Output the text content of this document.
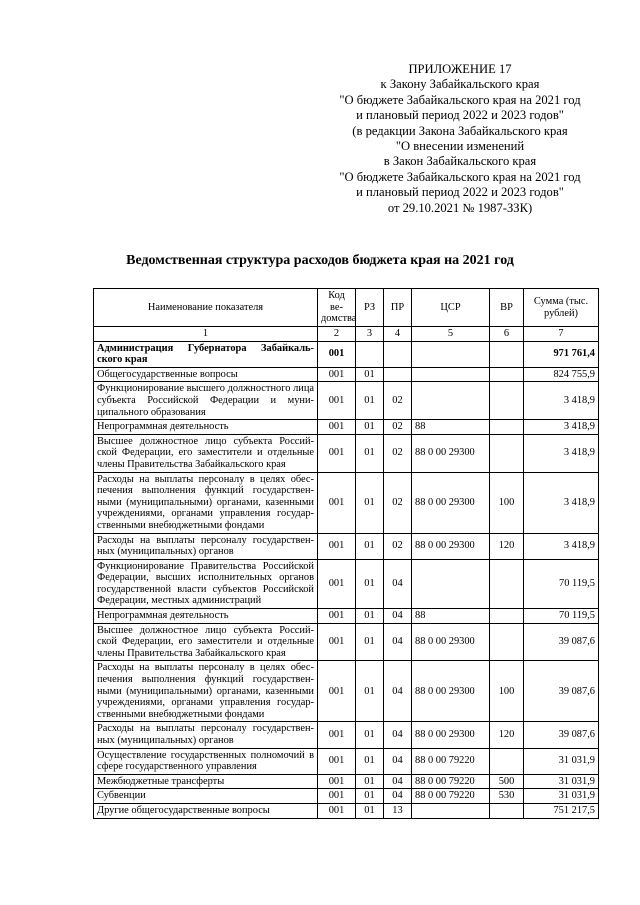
ПРИЛОЖЕНИЕ 17
к Закону Забайкальского края
"О бюджете Забайкальского края на 2021 год
и плановый период 2022 и 2023 годов"
(в редакции Закона Забайкальского края
"О внесении изменений
в Закон Забайкальского края
"О бюджете Забайкальского края на 2021 год
и плановый период 2022 и 2023 годов"
от 29.10.2021 № 1987-ЗЗК)
Ведомственная структура расходов бюджета края на 2021 год
Наименование показателя	Код ве-домства	РЗ	ПР	ЦСР	ВР	Сумма (тыс. рублей)
1	2	3	4	5	6	7
Администрация Губернатора Забайкаль-ского края	001					971 761,4
Общегосударственные вопросы	001	01				824 755,9
Функционирование высшего должностного лица субъекта Российской Федерации и муни-ципального образования	001	01	02			3 418,9
Непрограммная деятельность	001	01	02	88		3 418,9
Высшее должностное лицо субъекта Россий-ской Федерации, его заместители и отдельные члены Правительства Забайкальского края	001	01	02	88 0 00 29300		3 418,9
Расходы на выплаты персоналу в целях обес-печения выполнения функций государствен-ными (муниципальными) органами, казенными учреждениями, органами управления государ-ственными внебюджетными фондами	001	01	02	88 0 00 29300	100	3 418,9
Расходы на выплаты персоналу государствен-ных (муниципальных) органов	001	01	02	88 0 00 29300	120	3 418,9
Функционирование Правительства Российской Федерации, высших исполнительных органов государственной власти субъектов Российской Федерации, местных администраций	001	01	04			70 119,5
Непрограммная деятельность	001	01	04	88		70 119,5
Высшее должностное лицо субъекта Россий-ской Федерации, его заместители и отдельные члены Правительства Забайкальского края	001	01	04	88 0 00 29300		39 087,6
Расходы на выплаты персоналу в целях обес-печения выполнения функций государствен-ными (муниципальными) органами, казенными учреждениями, органами управления государ-ственными внебюджетными фондами	001	01	04	88 0 00 29300	100	39 087,6
Расходы на выплаты персоналу государствен-ных (муниципальных) органов	001	01	04	88 0 00 29300	120	39 087,6
Осуществление государственных полномочий в сфере государственного управления	001	01	04	88 0 00 79220		31 031,9
Межбюджетные трансферты	001	01	04	88 0 00 79220	500	31 031,9
Субвенции	001	01	04	88 0 00 79220	530	31 031,9
Другие общегосударственные вопросы	001	01	13			751 217,5
